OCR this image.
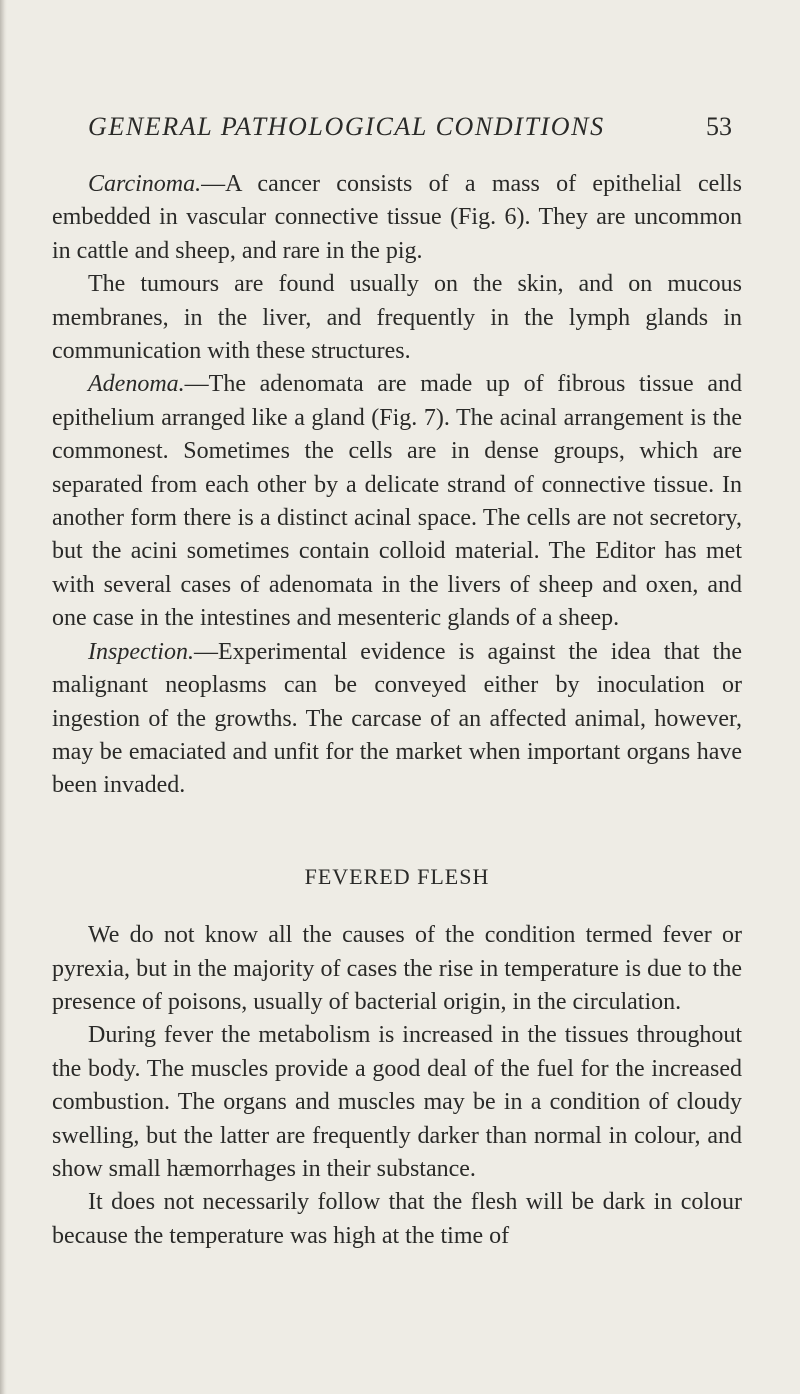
GENERAL PATHOLOGICAL CONDITIONS	53

Carcinoma.—A cancer consists of a mass of epithelial cells embedded in vascular connective tissue (Fig. 6). They are uncommon in cattle and sheep, and rare in the pig.

The tumours are found usually on the skin, and on mucous membranes, in the liver, and frequently in the lymph glands in communication with these structures.

Adenoma.—The adenomata are made up of fibrous tissue and epithelium arranged like a gland (Fig. 7). The acinal arrangement is the commonest. Sometimes the cells are in dense groups, which are separated from each other by a delicate strand of connective tissue. In another form there is a distinct acinal space. The cells are not secretory, but the acini sometimes contain colloid material. The Editor has met with several cases of adenomata in the livers of sheep and oxen, and one case in the intestines and mesenteric glands of a sheep.

Inspection.—Experimental evidence is against the idea that the malignant neoplasms can be conveyed either by inoculation or ingestion of the growths. The carcase of an affected animal, however, may be emaciated and unfit for the market when important organs have been invaded.

FEVERED FLESH

We do not know all the causes of the condition termed fever or pyrexia, but in the majority of cases the rise in temperature is due to the presence of poisons, usually of bacterial origin, in the circulation.

During fever the metabolism is increased in the tissues throughout the body. The muscles provide a good deal of the fuel for the increased combustion. The organs and muscles may be in a condition of cloudy swelling, but the latter are frequently darker than normal in colour, and show small hæmorrhages in their substance.

It does not necessarily follow that the flesh will be dark in colour because the temperature was high at the time of
